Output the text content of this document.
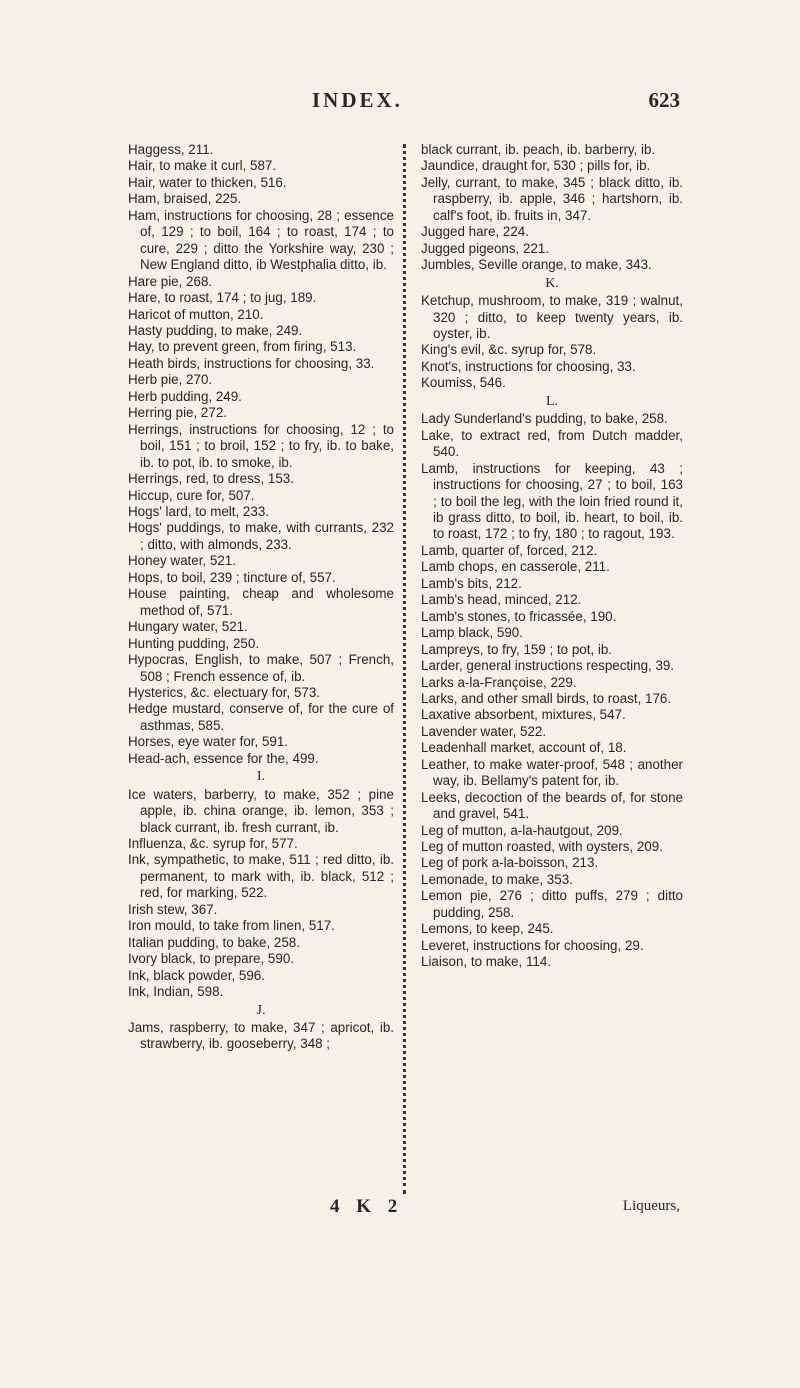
INDEX.	623
Haggess, 211.
Hair, to make it curl, 587.
Hair, water to thicken, 516.
Ham, braised, 225.
Ham, instructions for choosing, 28 ; essence of, 129 ; to boil, 164 ; to roast, 174 ; to cure, 229 ; ditto the Yorkshire way, 230 ; New England ditto, ib Westphalia ditto, ib.
Hare pie, 268.
Hare, to roast, 174 ; to jug, 189.
Haricot of mutton, 210.
Hasty pudding, to make, 249.
Hay, to prevent green, from firing, 513.
Heath birds, instructions for choosing, 33.
Herb pie, 270.
Herb pudding, 249.
Herring pie, 272.
Herrings, instructions for choosing, 12 ; to boil, 151 ; to broil, 152 ; to fry, ib. to bake, ib. to pot, ib. to smoke, ib.
Herrings, red, to dress, 153.
Hiccup, cure for, 507.
Hogs' lard, to melt, 233.
Hogs' puddings, to make, with currants, 232 ; ditto, with almonds, 233.
Honey water, 521.
Hops, to boil, 239 ; tincture of, 557.
House painting, cheap and wholesome method of, 571.
Hungary water, 521.
Hunting pudding, 250.
Hypocras, English, to make, 507 ; French, 508 ; French essence of, ib.
Hysterics, &c. electuary for, 573.
Hedge mustard, conserve of, for the cure of asthmas, 585.
Horses, eye water for, 591.
Head-ach, essence for the, 499.
I.
Ice waters, barberry, to make, 352 ; pine apple, ib. china orange, ib. lemon, 353 ; black currant, ib. fresh currant, ib.
Influenza, &c. syrup for, 577.
Ink, sympathetic, to make, 511 ; red ditto, ib. permanent, to mark with, ib. black, 512 ; red, for marking, 522.
Irish stew, 367.
Iron mould, to take from linen, 517.
Italian pudding, to bake, 258.
Ivory black, to prepare, 590.
Ink, black powder, 596.
Ink, Indian, 598.
J.
Jams, raspberry, to make, 347 ; apricot, ib. strawberry, ib. gooseberry, 348 ;
black currant, ib. peach, ib. barberry, ib.
Jaundice, draught for, 530 ; pills for, ib.
Jelly, currant, to make, 345 ; black ditto, ib. raspberry, ib. apple, 346 ; hartshorn, ib. calf's foot, ib. fruits in, 347.
Jugged hare, 224.
Jugged pigeons, 221.
Jumbles, Seville orange, to make, 343.
K.
Ketchup, mushroom, to make, 319 ; walnut, 320 ; ditto, to keep twenty years, ib. oyster, ib.
King's evil, &c. syrup for, 578.
Knot's, instructions for choosing, 33.
Koumiss, 546.
L.
Lady Sunderland's pudding, to bake, 258.
Lake, to extract red, from Dutch madder, 540.
Lamb, instructions for keeping, 43 ; instructions for choosing, 27 ; to boil, 163 ; to boil the leg, with the loin fried round it, ib grass ditto, to boil, ib. heart, to boil, ib. to roast, 172 ; to fry, 180 ; to ragout, 193.
Lamb, quarter of, forced, 212.
Lamb chops, en casserole, 211.
Lamb's bits, 212.
Lamb's head, minced, 212.
Lamb's stones, to fricassée, 190.
Lamp black, 590.
Lampreys, to fry, 159 ; to pot, ib.
Larder, general instructions respecting, 39.
Larks a-la-Françoise, 229.
Larks, and other small birds, to roast, 176.
Laxative absorbent, mixtures, 547.
Lavender water, 522.
Leadenhall market, account of, 18.
Leather, to make water-proof, 548 ; another way, ib. Bellamy's patent for, ib.
Leeks, decoction of the beards of, for stone and gravel, 541.
Leg of mutton, a-la-hautgout, 209.
Leg of mutton roasted, with oysters, 209.
Leg of pork a-la-boisson, 213.
Lemonade, to make, 353.
Lemon pie, 276 ; ditto puffs, 279 ; ditto pudding, 258.
Lemons, to keep, 245.
Leveret, instructions for choosing, 29.
Liaison, to make, 114.
4 K 2	Liqueurs,
